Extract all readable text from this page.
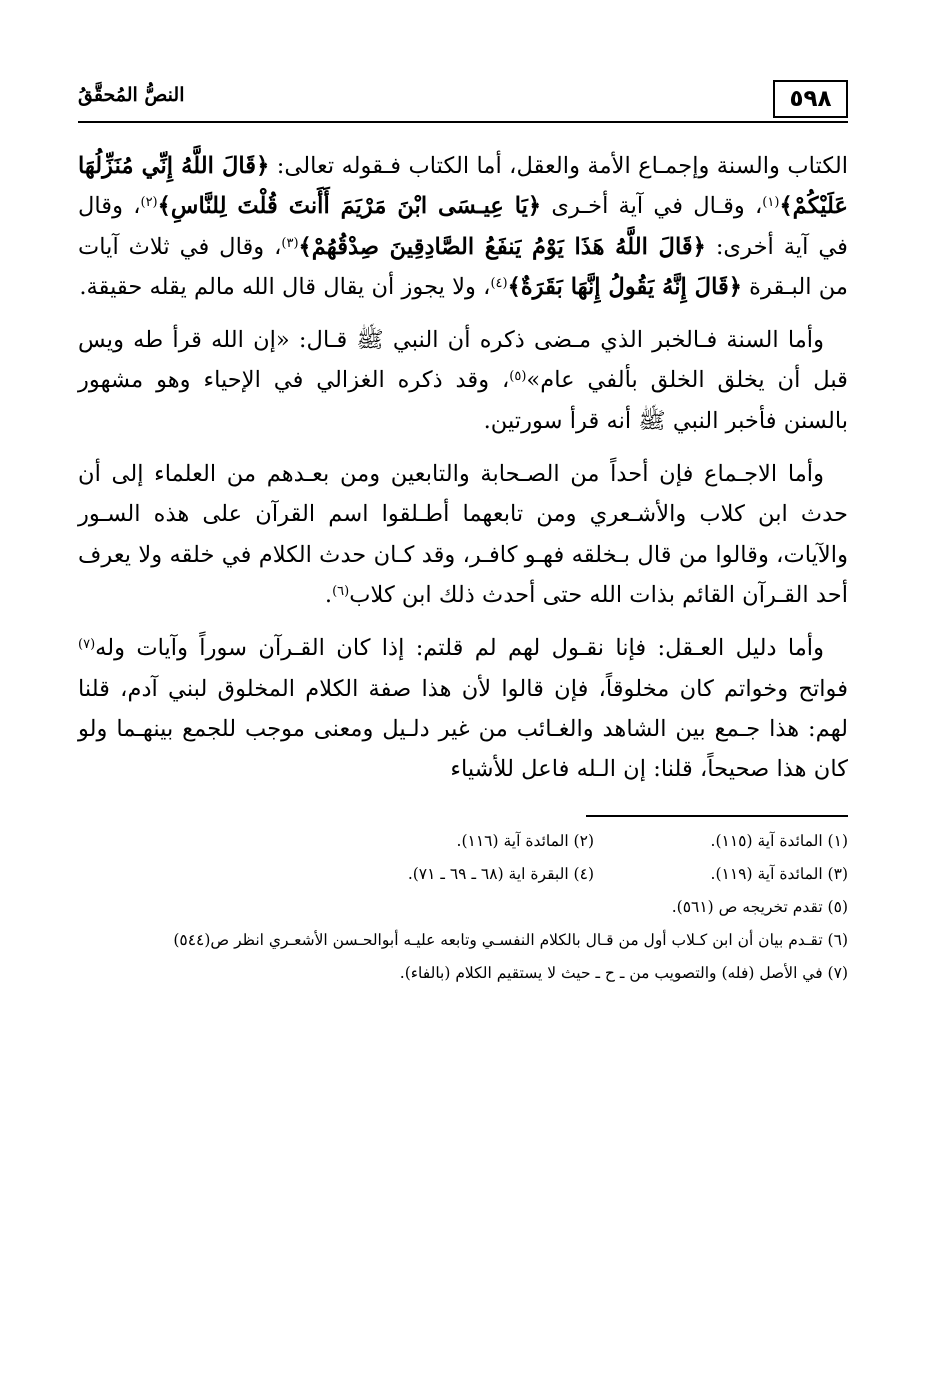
٥٩٨
النصُّ المُحقَّقُ

الكتاب والسنة وإجمـاع الأمة والعقل، أما الكتاب فـقوله تعالى: ﴿قَالَ اللَّهُ إِنِّي مُنَزِّلُهَا عَلَيْكُمْ﴾$^{(١)}$، وقـال في آية أخـرى ﴿يَا عِيـسَى ابْنَ مَرْيَمَ أَأَنتَ قُلْتَ لِلنَّاسِ﴾$^{(٢)}$، وقال في آية أخرى: ﴿قَالَ اللَّهُ هَذَا يَوْمُ يَنفَعُ الصَّادِقِينَ صِدْقُهُمْ﴾$^{(٣)}$، وقال في ثلاث آيات من البـقرة ﴿قَالَ إِنَّهُ يَقُولُ إِنَّهَا بَقَرَةٌ﴾$^{(٤)}$، ولا يجوز أن يقال قال الله مالم يقله حقيقة.

وأما السنة فـالخبر الذي مـضى ذكره أن النبي ﷺ قـال: «إن الله قرأ طه ويس قبل أن يخلق الخلق بألفي عام»$^{(٥)}$، وقد ذكره الغزالي في الإحياء وهو مشهور بالسنن فأخبر النبي ﷺ أنه قرأ سورتين.

وأما الاجـماع فإن أحداً من الصـحابة والتابعين ومن بعـدهم من العلماء إلى أن حدث ابن كلاب والأشـعري ومن تابعهما أطـلقوا اسم القرآن على هذه السـور والآيات، وقالوا من قال بـخلقه فهـو كافـر، وقد كـان حدث الكلام في خلقه ولا يعرف أحد القـرآن القائم بذات الله حتى أحدث ذلك ابن كلاب$^{(٦)}$.

وأما دليل العـقل: فإنا نقـول لهم لم قلتم: إذا كان القـرآن سوراً وآيات وله$^{(٧)}$ فواتح وخواتم كان مخلوقاً، فإن قالوا لأن هذا صفة الكلام المخلوق لبني آدم، قلنا لهم: هذا جـمع بين الشاهد والغـائب من غير دلـيل ومعنى موجب للجمع بينهـما ولو كان هذا صحيحاً، قلنا: إن الـله فاعل للأشياء

(١) المائدة آية (١١٥).
(٢) المائدة آية (١١٦).
(٣) المائدة آية (١١٩).
(٤) البقرة اية (٦٨ ـ ٦٩ ـ ٧١).
(٥) تقدم تخريجه ص (٥٦١).
(٦) تقـدم بيان أن ابن كـلاب أول من قـال بالكلام النفسـي وتابعه عليـه أبوالحـسن الأشعـري انظر ص(٥٤٤)
(٧) في الأصل (فله) والتصويب من ـ ح ـ حيث لا يستقيم الكلام (بالفاء).
